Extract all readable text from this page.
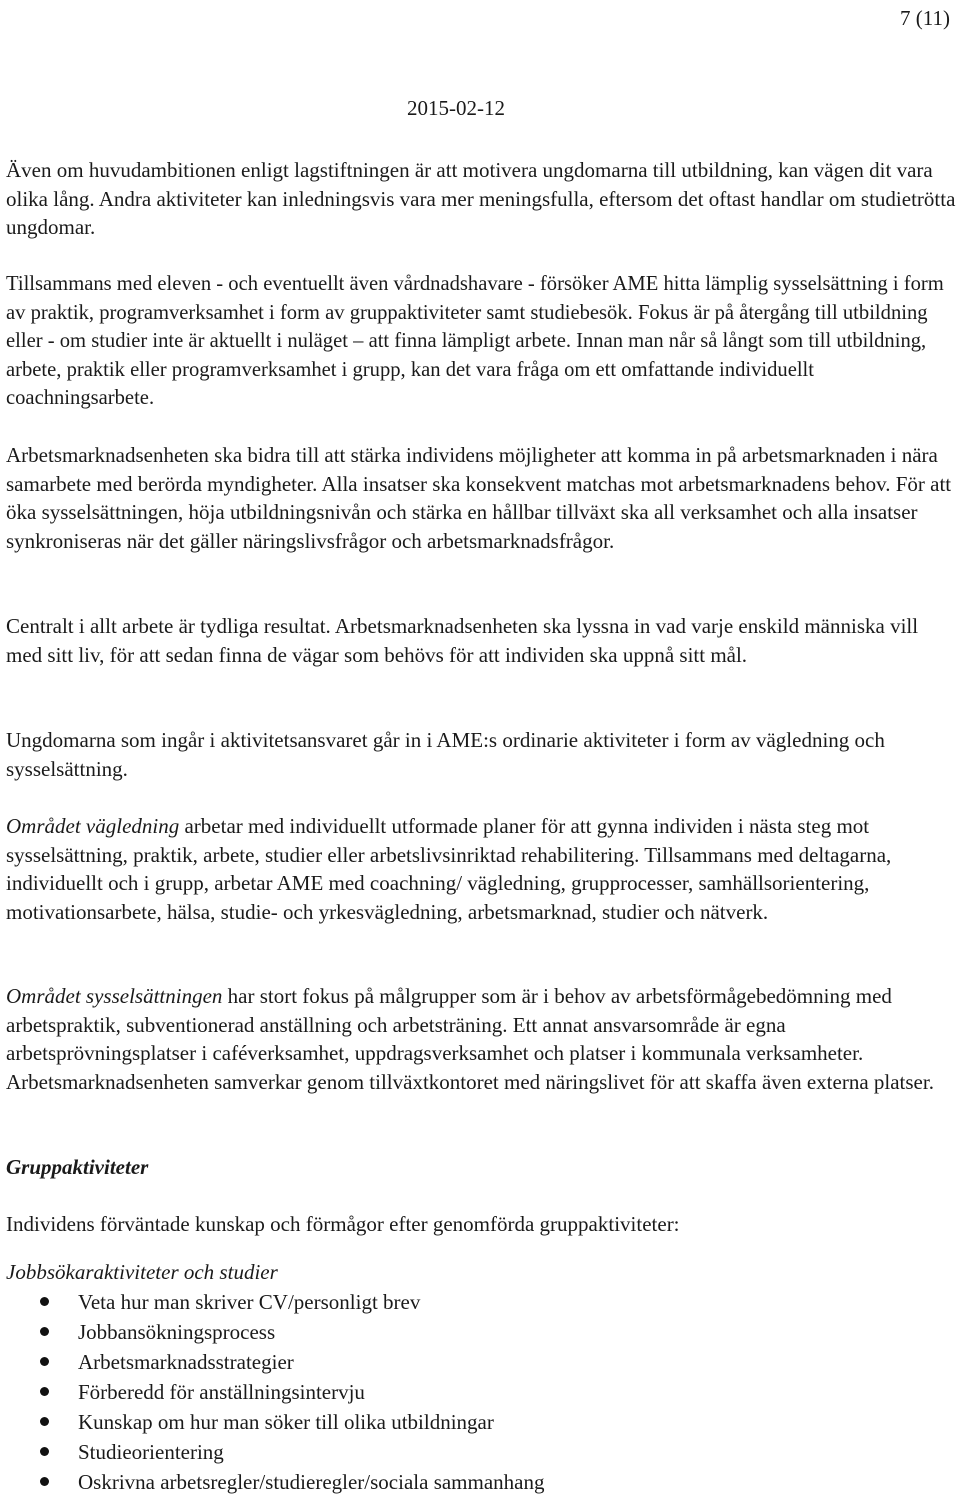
7 (11)
2015-02-12

Även om huvudambitionen enligt lagstiftningen är att motivera ungdomarna till utbildning, kan vägen dit vara olika lång. Andra aktiviteter kan inledningsvis vara mer meningsfulla, eftersom det oftast handlar om studietrötta ungdomar.

Tillsammans med eleven - och eventuellt även vårdnadshavare - försöker AME hitta lämplig sysselsättning i form av praktik, programverksamhet i form av gruppaktiviteter samt studiebesök. Fokus är på återgång till utbildning eller - om studier inte är aktuellt i nuläget – att finna lämpligt arbete. Innan man når så långt som till utbildning, arbete, praktik eller programverksamhet i grupp, kan det vara fråga om ett omfattande individuellt coachningsarbete.

Arbetsmarknadsenheten ska bidra till att stärka individens möjligheter att komma in på arbetsmarknaden i nära samarbete med berörda myndigheter. Alla insatser ska konsekvent matchas mot arbetsmarknadens behov. För att öka sysselsättningen, höja utbildningsnivån och stärka en hållbar tillväxt ska all verksamhet och alla insatser synkroniseras när det gäller näringslivsfrågor och arbetsmarknadsfrågor.

Centralt i allt arbete är tydliga resultat. Arbetsmarknadsenheten ska lyssna in vad varje enskild människa vill med sitt liv, för att sedan finna de vägar som behövs för att individen ska uppnå sitt mål.

Ungdomarna som ingår i aktivitetsansvaret går in i AME:s ordinarie aktiviteter i form av vägledning och sysselsättning.

Området vägledning arbetar med individuellt utformade planer för att gynna individen i nästa steg mot sysselsättning, praktik, arbete, studier eller arbetslivsinriktad rehabilitering. Tillsammans med deltagarna, individuellt och i grupp, arbetar AME med coachning/ vägledning, grupprocesser, samhällsorientering, motivationsarbete, hälsa, studie- och yrkesvägledning, arbetsmarknad, studier och nätverk.

Området sysselsättningen har stort fokus på målgrupper som är i behov av arbetsförmågebedömning med arbetspraktik, subventionerad anställning och arbetsträning. Ett annat ansvarsområde är egna arbetsprövningsplatser i caféverksamhet, uppdragsverksamhet och platser i kommunala verksamheter. Arbetsmarknadsenheten samverkar genom tillväxtkontoret med näringslivet för att skaffa även externa platser.

Gruppaktiviteter

Individens förväntade kunskap och förmågor efter genomförda gruppaktiviteter:

Jobbsökaraktiviteter och studier
Veta hur man skriver CV/personligt brev
Jobbansökningsprocess
Arbetsmarknadsstrategier
Förberedd för anställningsintervju
Kunskap om hur man söker till olika utbildningar
Studieorientering
Oskrivna arbetsregler/studieregler/sociala sammanhang
